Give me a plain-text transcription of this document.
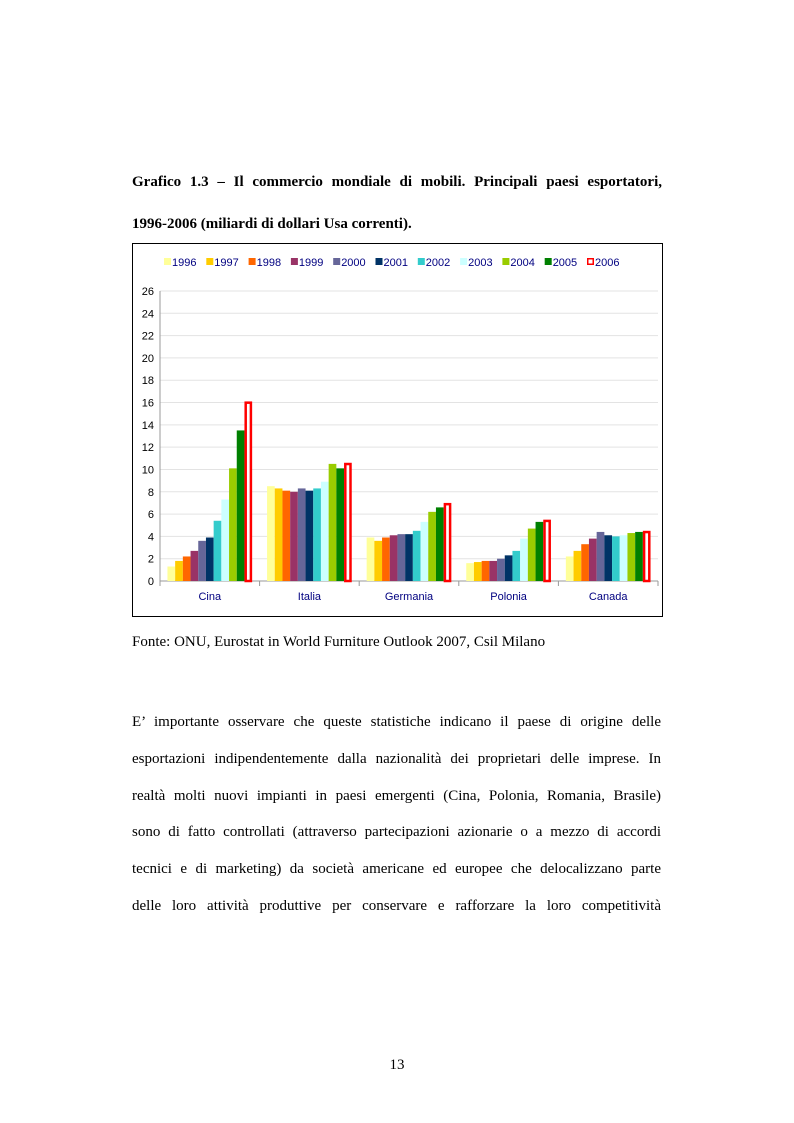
Grafico 1.3 – Il commercio mondiale di mobili. Principali paesi esportatori,

1996-2006 (miliardi di dollari Usa correnti).

0
2
4
6
8
10
12
14
16
18
20
22
24
26
Cina	Italia	Germania	Polonia	Canada
1996 1997 1998 1999 2000 2001 2002 2003 2004 2005 2006

Fonte: ONU, Eurostat in World Furniture Outlook 2007, Csil Milano

E’ importante osservare che queste statistiche indicano il paese di origine delle
esportazioni indipendentemente dalla nazionalità dei proprietari delle imprese. In
realtà molti nuovi impianti in paesi emergenti (Cina, Polonia, Romania, Brasile)
sono di fatto controllati (attraverso partecipazioni azionarie o a mezzo di accordi
tecnici e di marketing) da società americane ed europee che delocalizzano parte
delle loro attività produttive per conservare e rafforzare la loro competitività

13
